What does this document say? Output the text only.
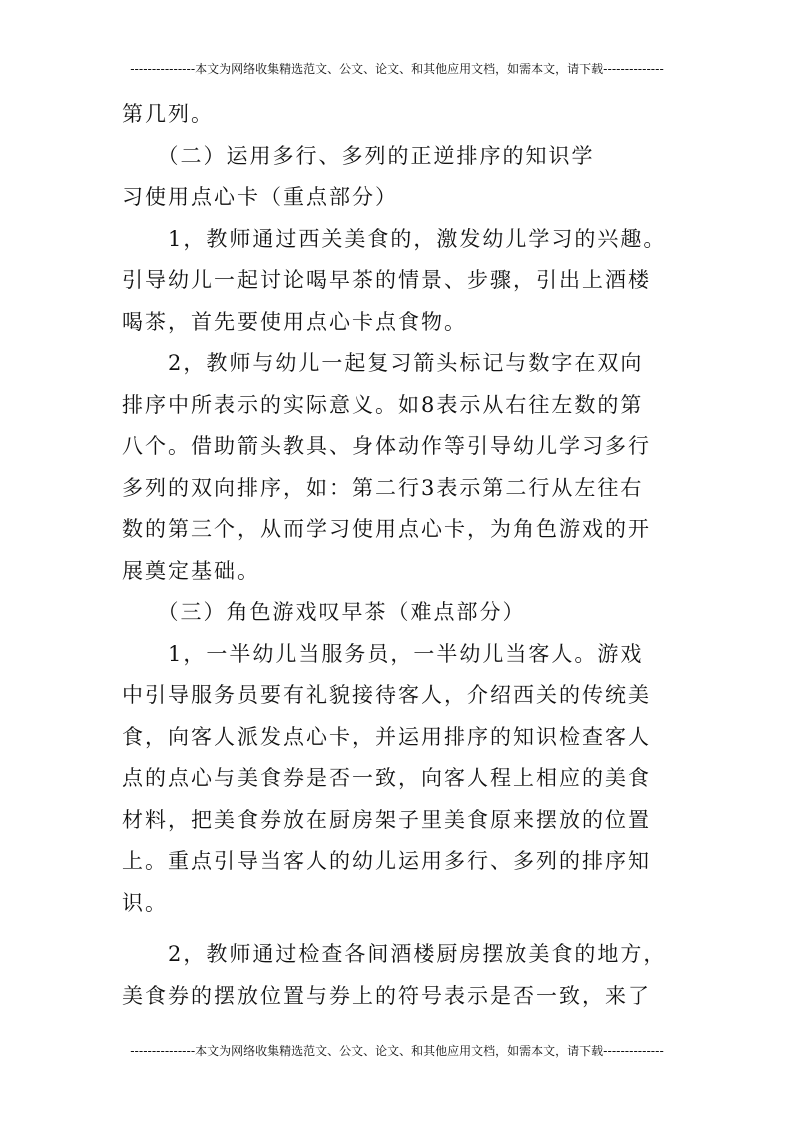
---------------本文为网络收集精选范文、公文、论文、和其他应用文档，如需本文，请下载--------------
第几列。
　　（二）运用多行、多列的正逆排序的知识学
习使用点心卡（重点部分）
　　1，教师通过西关美食的，激发幼儿学习的兴趣。
引导幼儿一起讨论喝早茶的情景、步骤，引出上酒楼
喝茶，首先要使用点心卡点食物。
　　2，教师与幼儿一起复习箭头标记与数字在双向
排序中所表示的实际意义。如8表示从右往左数的第
八个。借助箭头教具、身体动作等引导幼儿学习多行
多列的双向排序，如：第二行3表示第二行从左往右
数的第三个，从而学习使用点心卡，为角色游戏的开
展奠定基础。
　　（三）角色游戏叹早茶（难点部分）
　　1，一半幼儿当服务员，一半幼儿当客人。游戏
中引导服务员要有礼貌接待客人，介绍西关的传统美
食，向客人派发点心卡，并运用排序的知识检查客人
点的点心与美食券是否一致，向客人程上相应的美食
材料，把美食券放在厨房架子里美食原来摆放的位置
上。重点引导当客人的幼儿运用多行、多列的排序知
识。
　　2，教师通过检查各间酒楼厨房摆放美食的地方，
美食券的摆放位置与券上的符号表示是否一致，来了
---------------本文为网络收集精选范文、公文、论文、和其他应用文档，如需本文，请下载--------------
